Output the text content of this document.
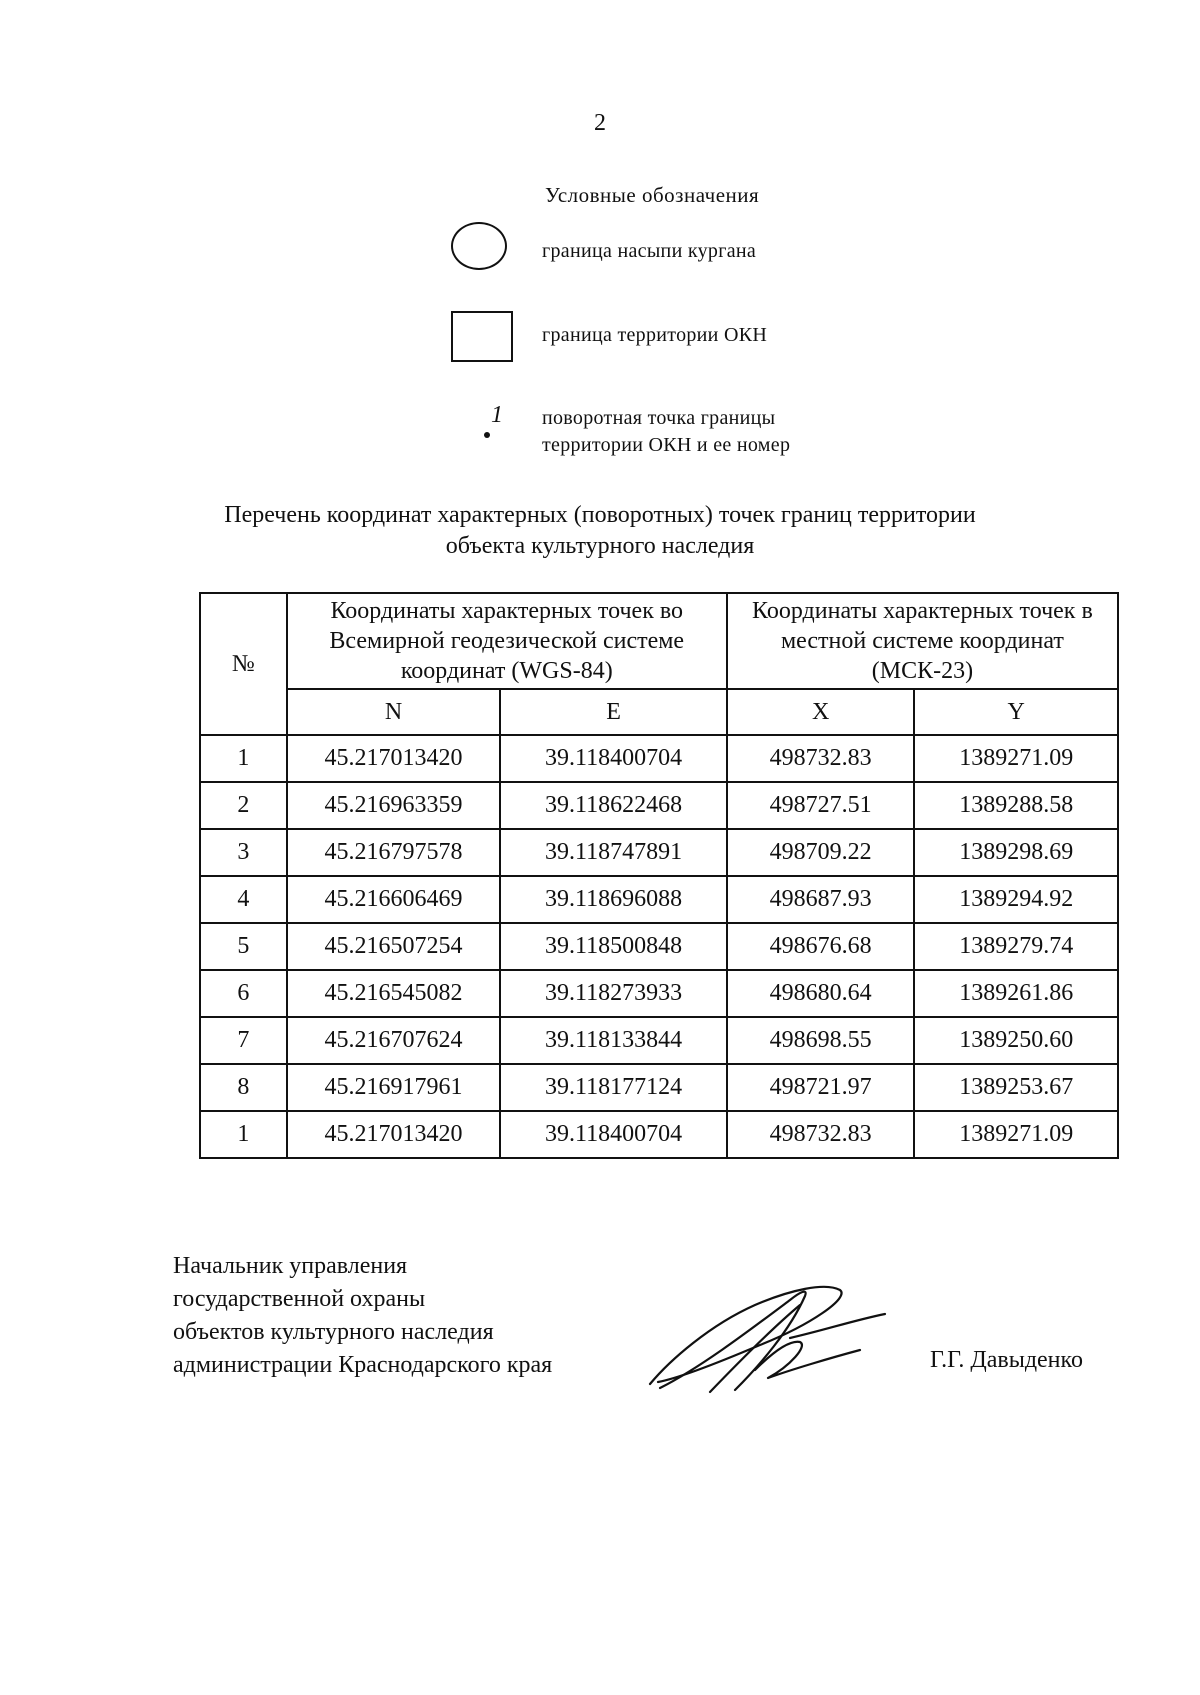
2
Условные обозначения
граница насыпи кургана
граница территории ОКН
1 поворотная точка границы
территории ОКН и ее номер
Перечень координат характерных (поворотных) точек границ территории
объекта культурного наследия
№	Координаты характерных точек во Всемирной геодезической системе координат (WGS-84)		Координаты характерных точек в местной системе координат (МСК-23)	
	N	E	X	Y
1	45.217013420	39.118400704	498732.83	1389271.09
2	45.216963359	39.118622468	498727.51	1389288.58
3	45.216797578	39.118747891	498709.22	1389298.69
4	45.216606469	39.118696088	498687.93	1389294.92
5	45.216507254	39.118500848	498676.68	1389279.74
6	45.216545082	39.118273933	498680.64	1389261.86
7	45.216707624	39.118133844	498698.55	1389250.60
8	45.216917961	39.118177124	498721.97	1389253.67
1	45.217013420	39.118400704	498732.83	1389271.09
Начальник управления
государственной охраны
объектов культурного наследия
администрации Краснодарского края	Г.Г. Давыденко
